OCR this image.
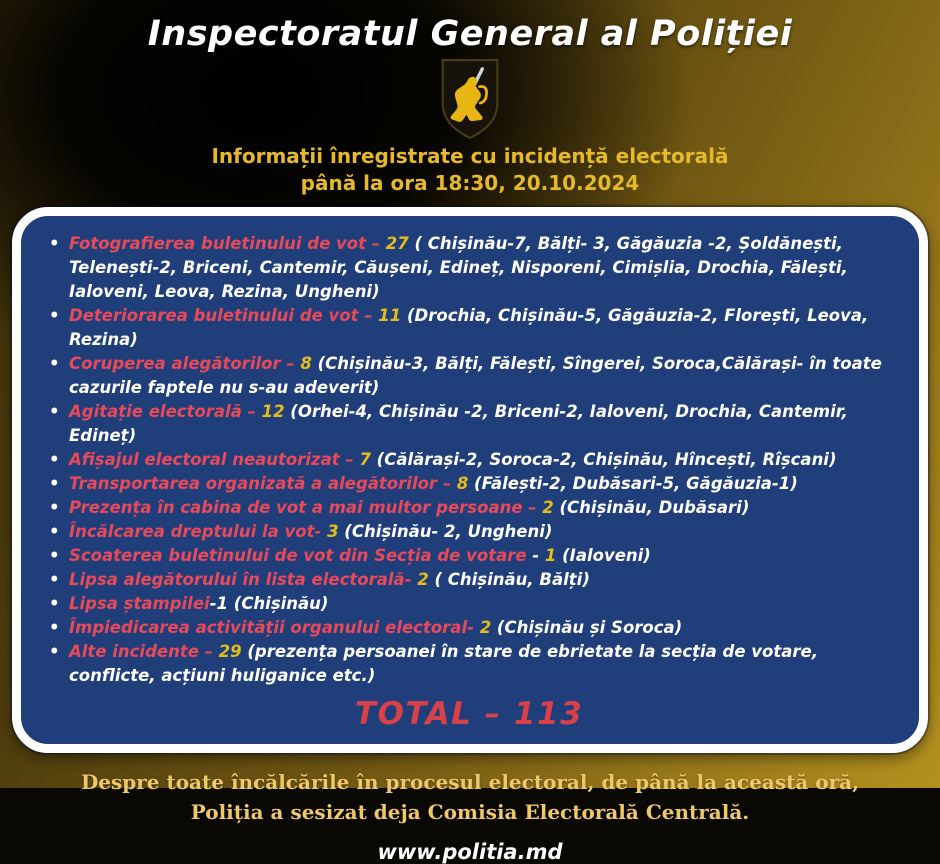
Inspectoratul General al Poliției
Informații înregistrate cu incidență electorală
până la ora 18:30, 20.10.2024
• Fotografierea buletinului de vot – 27 ( Chișinău-7, Bălți- 3, Găgăuzia -2, Șoldănești, Telenești-2, Briceni, Cantemir, Căușeni, Edineț, Nisporeni, Cimișlia, Drochia, Fălești, Ialoveni, Leova, Rezina, Ungheni)
• Deteriorarea buletinului de vot – 11 (Drochia, Chișinău-5, Găgăuzia-2, Florești, Leova, Rezina)
• Coruperea alegătorilor – 8 (Chișinău-3, Bălți, Fălești, Sîngerei, Soroca,Călărași- în toate cazurile faptele nu s-au adeverit)
• Agitație electorală – 12 (Orhei-4, Chișinău -2, Briceni-2, Ialoveni, Drochia, Cantemir, Edineț)
• Afișajul electoral neautorizat – 7 (Călărași-2, Soroca-2, Chișinău, Hîncești, Rîșcani)
• Transportarea organizată a alegătorilor – 8 (Fălești-2, Dubăsari-5, Găgăuzia-1)
• Prezența în cabina de vot a mai multor persoane – 2 (Chișinău, Dubăsari)
• Încălcarea dreptului la vot- 3 (Chișinău- 2, Ungheni)
• Scoaterea buletinului de vot din Secția de votare - 1 (Ialoveni)
• Lipsa alegătorului în lista electorală- 2 ( Chișinău, Bălți)
• Lipsa ștampilei-1 (Chișinău)
• Împiedicarea activității organului electoral- 2 (Chișinău și Soroca)
• Alte incidente – 29 (prezența persoanei în stare de ebrietate la secția de votare, conflicte, acțiuni huliganice etc.)
TOTAL – 113
Despre toate încălcările în procesul electoral, de până la această oră,
Poliția a sesizat deja Comisia Electorală Centrală.
www.politia.md
